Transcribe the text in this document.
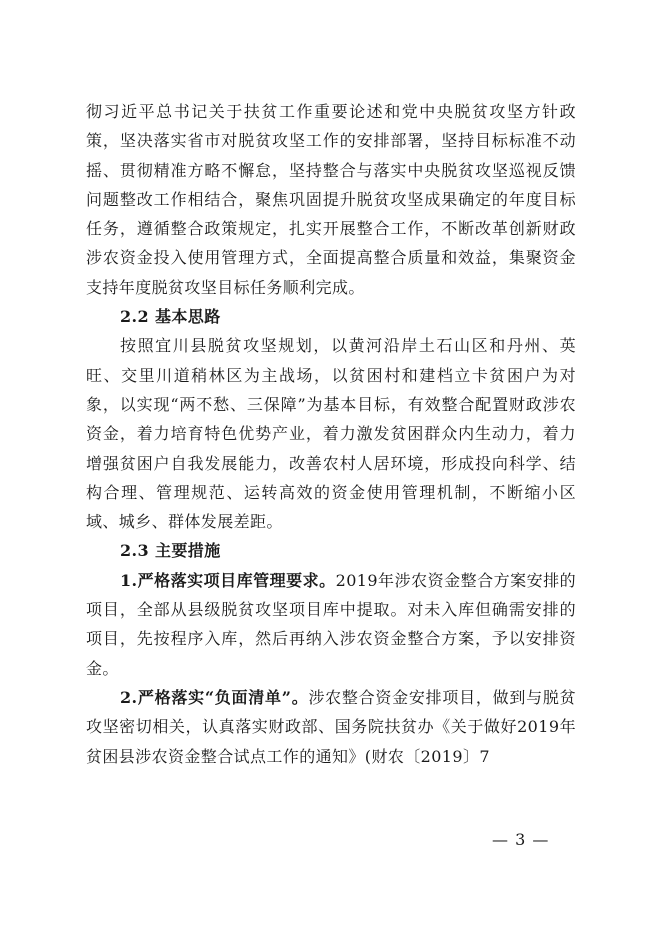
彻习近平总书记关于扶贫工作重要论述和党中央脱贫攻坚方针政策，坚决落实省市对脱贫攻坚工作的安排部署，坚持目标标准不动摇、贯彻精准方略不懈怠，坚持整合与落实中央脱贫攻坚巡视反馈问题整改工作相结合，聚焦巩固提升脱贫攻坚成果确定的年度目标任务，遵循整合政策规定，扎实开展整合工作，不断改革创新财政涉农资金投入使用管理方式，全面提高整合质量和效益，集聚资金支持年度脱贫攻坚目标任务顺利完成。

2.2 基本思路

按照宜川县脱贫攻坚规划，以黄河沿岸土石山区和丹州、英旺、交里川道稍林区为主战场，以贫困村和建档立卡贫困户为对象，以实现“两不愁、三保障”为基本目标，有效整合配置财政涉农资金，着力培育特色优势产业，着力激发贫困群众内生动力，着力增强贫困户自我发展能力，改善农村人居环境，形成投向科学、结构合理、管理规范、运转高效的资金使用管理机制，不断缩小区域、城乡、群体发展差距。

2.3 主要措施

1.严格落实项目库管理要求。2019年涉农资金整合方案安排的项目，全部从县级脱贫攻坚项目库中提取。对未入库但确需安排的项目，先按程序入库，然后再纳入涉农资金整合方案，予以安排资金。

2.严格落实“负面清单”。涉农整合资金安排项目，做到与脱贫攻坚密切相关，认真落实财政部、国务院扶贫办《关于做好2019年贫困县涉农资金整合试点工作的通知》(财农〔2019〕7

— 3 —
